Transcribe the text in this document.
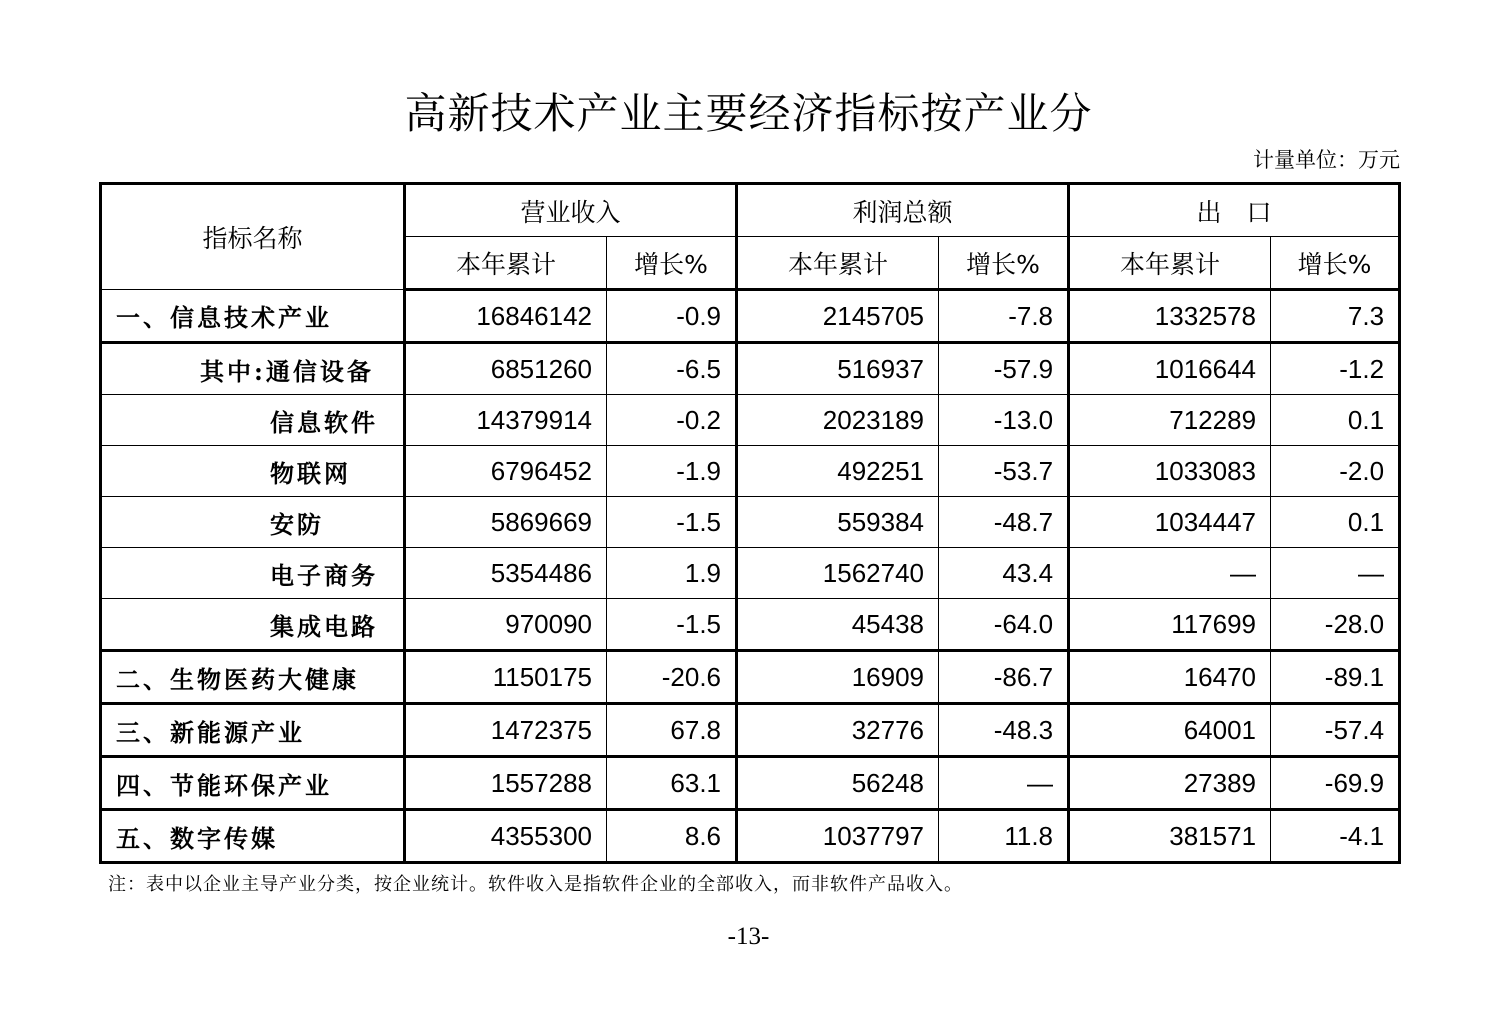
高新技术产业主要经济指标按产业分
计量单位：万元
指标名称	营业收入		利润总额		出　口	
	本年累计	增长%	本年累计	增长%	本年累计	增长%
一、信息技术产业	16846142	-0.9	2145705	-7.8	1332578	7.3
其中:通信设备	6851260	-6.5	516937	-57.9	1016644	-1.2
信息软件	14379914	-0.2	2023189	-13.0	712289	0.1
物联网	6796452	-1.9	492251	-53.7	1033083	-2.0
安防	5869669	-1.5	559384	-48.7	1034447	0.1
电子商务	5354486	1.9	1562740	43.4	—	—
集成电路	970090	-1.5	45438	-64.0	117699	-28.0
二、生物医药大健康	1150175	-20.6	16909	-86.7	16470	-89.1
三、新能源产业	1472375	67.8	32776	-48.3	64001	-57.4
四、节能环保产业	1557288	63.1	56248	—	27389	-69.9
五、数字传媒	4355300	8.6	1037797	11.8	381571	-4.1
注：表中以企业主导产业分类，按企业统计。软件收入是指软件企业的全部收入，而非软件产品收入。
-13-
